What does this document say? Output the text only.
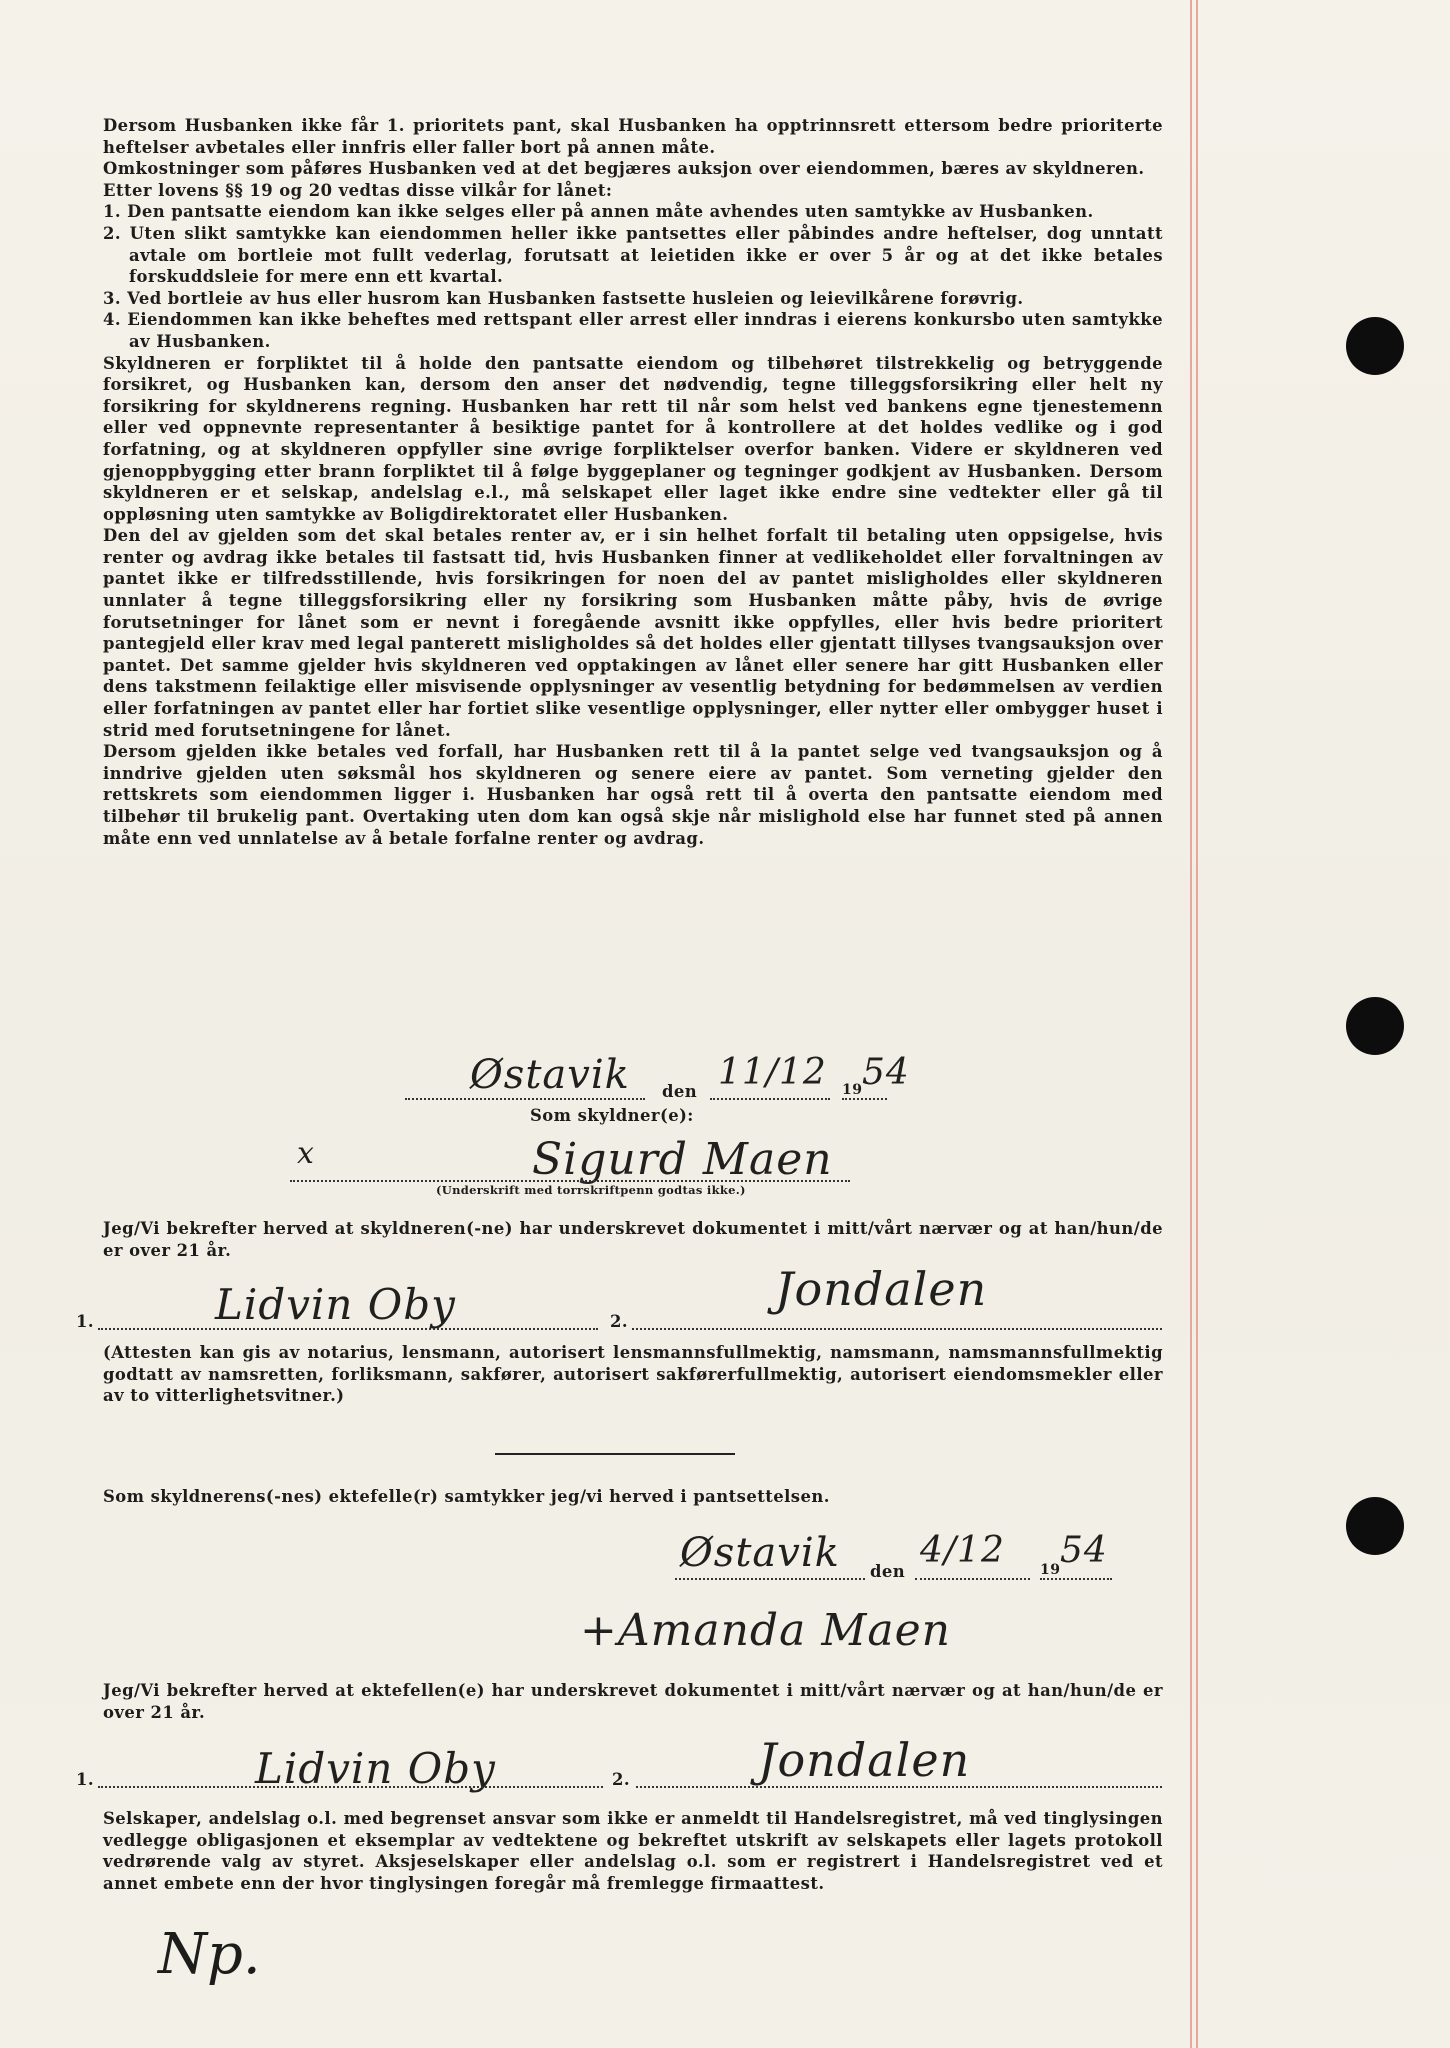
Dersom Husbanken ikke får 1. prioritets pant, skal Husbanken ha opptrinnsrett ettersom bedre prioriterte heftelser avbetales eller innfris eller faller bort på annen måte.

Omkostninger som påføres Husbanken ved at det begjæres auksjon over eiendommen, bæres av skyldneren.

Etter lovens §§ 19 og 20 vedtas disse vilkår for lånet:

1. Den pantsatte eiendom kan ikke selges eller på annen måte avhendes uten samtykke av Husbanken.

2. Uten slikt samtykke kan eiendommen heller ikke pantsettes eller påbindes andre heftelser, dog unntatt avtale om bortleie mot fullt vederlag, forutsatt at leietiden ikke er over 5 år og at det ikke betales forskuddsleie for mere enn ett kvartal.

3. Ved bortleie av hus eller husrom kan Husbanken fastsette husleien og leievilkårene forøvrig.

4. Eiendommen kan ikke beheftes med rettspant eller arrest eller inndras i eierens konkursbo uten samtykke av Husbanken.

Skyldneren er forpliktet til å holde den pantsatte eiendom og tilbehøret tilstrekkelig og betryggende forsikret, og Husbanken kan, dersom den anser det nødvendig, tegne tilleggsforsikring eller helt ny forsikring for skyldnerens regning. Husbanken har rett til når som helst ved bankens egne tjenestemenn eller ved oppnevnte representanter å besiktige pantet for å kontrollere at det holdes vedlike og i god forfatning, og at skyldneren oppfyller sine øvrige forpliktelser overfor banken. Videre er skyldneren ved gjenoppbygging etter brann forpliktet til å følge byggeplaner og tegninger godkjent av Husbanken. Dersom skyldneren er et selskap, andelslag e.l., må selskapet eller laget ikke endre sine vedtekter eller gå til oppløsning uten samtykke av Boligdirektoratet eller Husbanken.

Den del av gjelden som det skal betales renter av, er i sin helhet forfalt til betaling uten oppsigelse, hvis renter og avdrag ikke betales til fastsatt tid, hvis Husbanken finner at vedlikeholdet eller forvaltningen av pantet ikke er tilfredsstillende, hvis forsikringen for noen del av pantet misligholdes eller skyldneren unnlater å tegne tilleggsforsikring eller ny forsikring som Husbanken måtte påby, hvis de øvrige forutsetninger for lånet som er nevnt i foregående avsnitt ikke oppfylles, eller hvis bedre prioritert pantegjeld eller krav med legal panterett misligholdes så det holdes eller gjentatt tillyses tvangsauksjon over pantet. Det samme gjelder hvis skyldneren ved opptakingen av lånet eller senere har gitt Husbanken eller dens takstmenn feilaktige eller misvisende opplysninger av vesentlig betydning for bedømmelsen av verdien eller forfatningen av pantet eller har fortiet slike vesentlige opplysninger, eller nytter eller ombygger huset i strid med forutsetningene for lånet.

Dersom gjelden ikke betales ved forfall, har Husbanken rett til å la pantet selge ved tvangsauksjon og å inndrive gjelden uten søksmål hos skyldneren og senere eiere av pantet. Som verneting gjelder den rettskrets som eiendommen ligger i. Husbanken har også rett til å overta den pantsatte eiendom med tilbehør til brukelig pant. Overtaking uten dom kan også skje når mislighold else har funnet sted på annen måte enn ved unnlatelse av å betale forfalne renter og avdrag.

Østavik den 11/12 19 54
Som skyldner(e):
x	Sigurd Maen
(Underskrift med torrskriftpenn godtas ikke.)
Jeg/Vi bekrefter herved at skyldneren(-ne) har underskrevet dokumentet i mitt/vårt nærvær og at han/hun/de er over 21 år.
1.	Lidvin Oby	2.
Jondalen
(Attesten kan gis av notarius, lensmann, autorisert lensmannsfullmektig, namsmann, namsmannsfullmektig godtatt av namsretten, forliksmann, sakfører, autorisert sakførerfullmektig, autorisert eiendomsmekler eller av to vitterlighetsvitner.)
Som skyldnerens(-nes) ektefelle(r) samtykker jeg/vi herved i pantsettelsen.
Østavik den
4/12	19 54
+Amanda Maen
Jeg/Vi bekrefter herved at ektefellen(e) har underskrevet dokumentet i mitt/vårt nærvær og at han/hun/de er over 21 år.
1.	Lidvin Oby	2.	Jondalen
Selskaper, andelslag o.l. med begrenset ansvar som ikke er anmeldt til Handelsregistret, må ved tinglysingen vedlegge obligasjonen et eksemplar av vedtektene og bekreftet utskrift av selskapets eller lagets protokoll vedrørende valg av styret. Aksjeselskaper eller andelslag o.l. som er registrert i Handelsregistret ved et annet embete enn der hvor tinglysingen foregår må fremlegge firmaattest.
Np.
